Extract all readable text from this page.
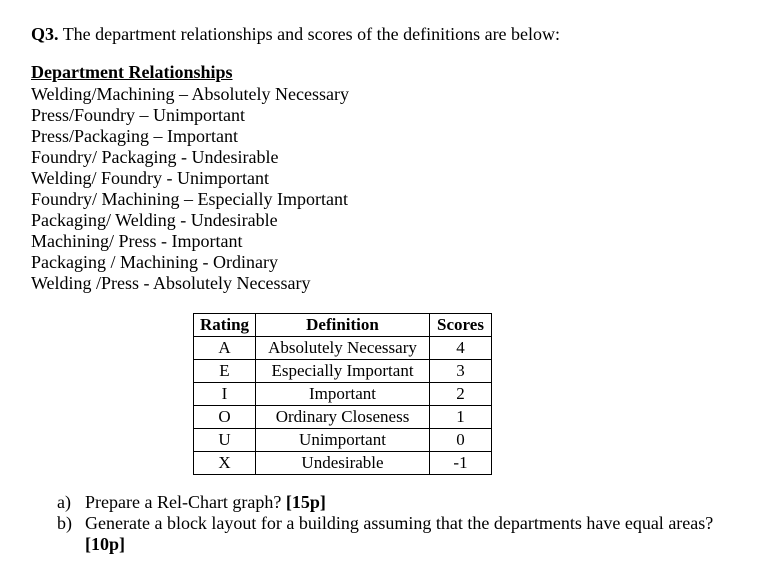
Q3. The department relationships and scores of the definitions are below:
Department Relationships
Welding/Machining – Absolutely Necessary
Press/Foundry – Unimportant
Press/Packaging – Important
Foundry/ Packaging - Undesirable
Welding/ Foundry - Unimportant
Foundry/ Machining – Especially Important
Packaging/ Welding - Undesirable
Machining/ Press - Important
Packaging / Machining - Ordinary
Welding /Press - Absolutely Necessary
Rating	Definition	Scores
A	Absolutely Necessary	4
E	Especially Important	3
I	Important	2
O	Ordinary Closeness	1
U	Unimportant	0
X	Undesirable	-1
a) Prepare a Rel-Chart graph? [15p]
b) Generate a block layout for a building assuming that the departments have equal areas? [10p]
